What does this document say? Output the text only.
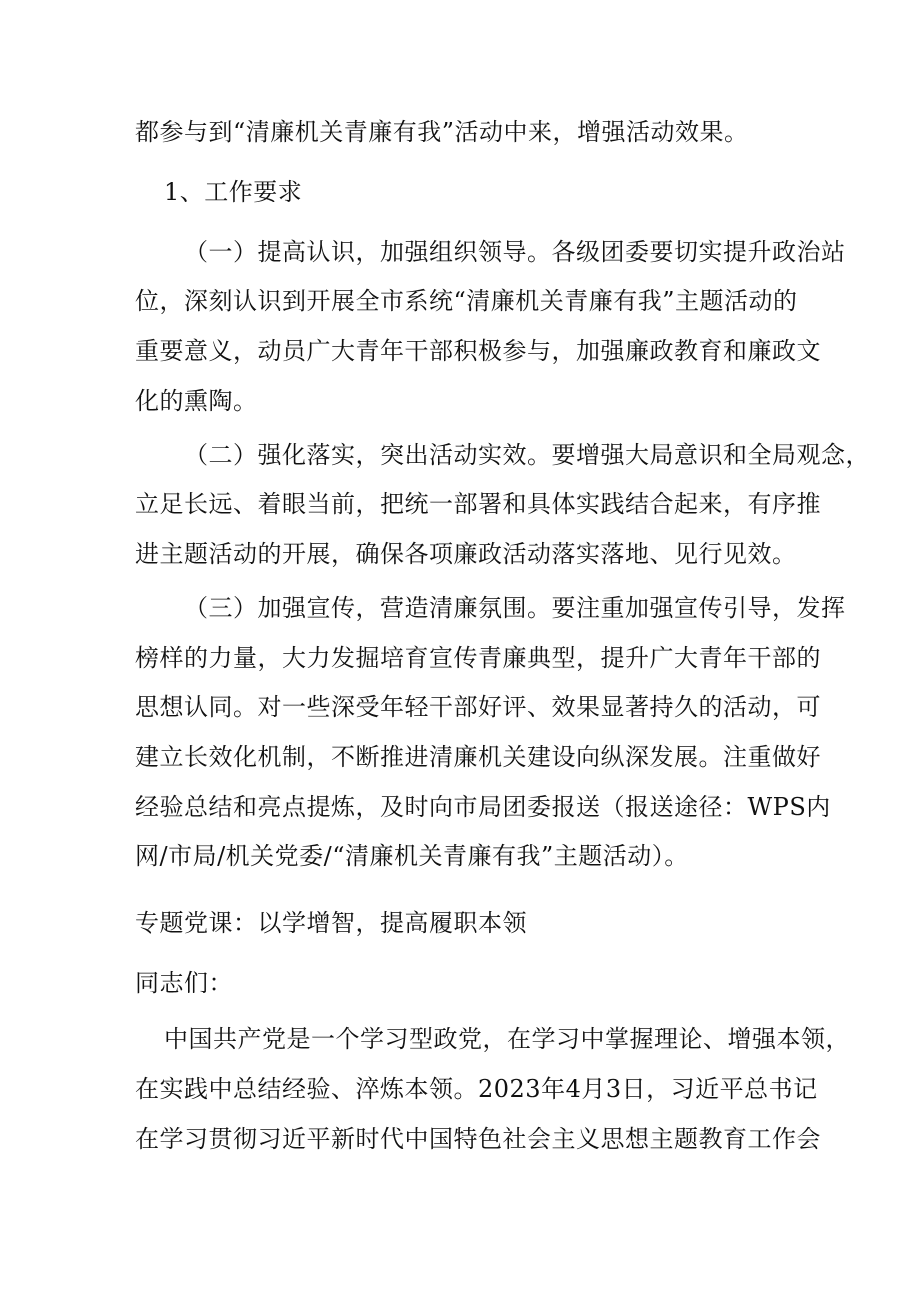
都参与到“清廉机关青廉有我”活动中来，增强活动效果。
1、工作要求
（一）提高认识，加强组织领导。各级团委要切实提升政治站
位，深刻认识到开展全市系统“清廉机关青廉有我”主题活动的
重要意义，动员广大青年干部积极参与，加强廉政教育和廉政文
化的熏陶。
（二）强化落实，突出活动实效。要增强大局意识和全局观念，
立足长远、着眼当前，把统一部署和具体实践结合起来，有序推
进主题活动的开展，确保各项廉政活动落实落地、见行见效。
（三）加强宣传，营造清廉氛围。要注重加强宣传引导，发挥
榜样的力量，大力发掘培育宣传青廉典型，提升广大青年干部的
思想认同。对一些深受年轻干部好评、效果显著持久的活动，可
建立长效化机制，不断推进清廉机关建设向纵深发展。注重做好
经验总结和亮点提炼，及时向市局团委报送（报送途径：WPS内
网/市局/机关党委/“清廉机关青廉有我”主题活动）。
专题党课：以学增智，提高履职本领
同志们：
中国共产党是一个学习型政党，在学习中掌握理论、增强本领，
在实践中总结经验、淬炼本领。2023年4月3日，习近平总书记
在学习贯彻习近平新时代中国特色社会主义思想主题教育工作会
